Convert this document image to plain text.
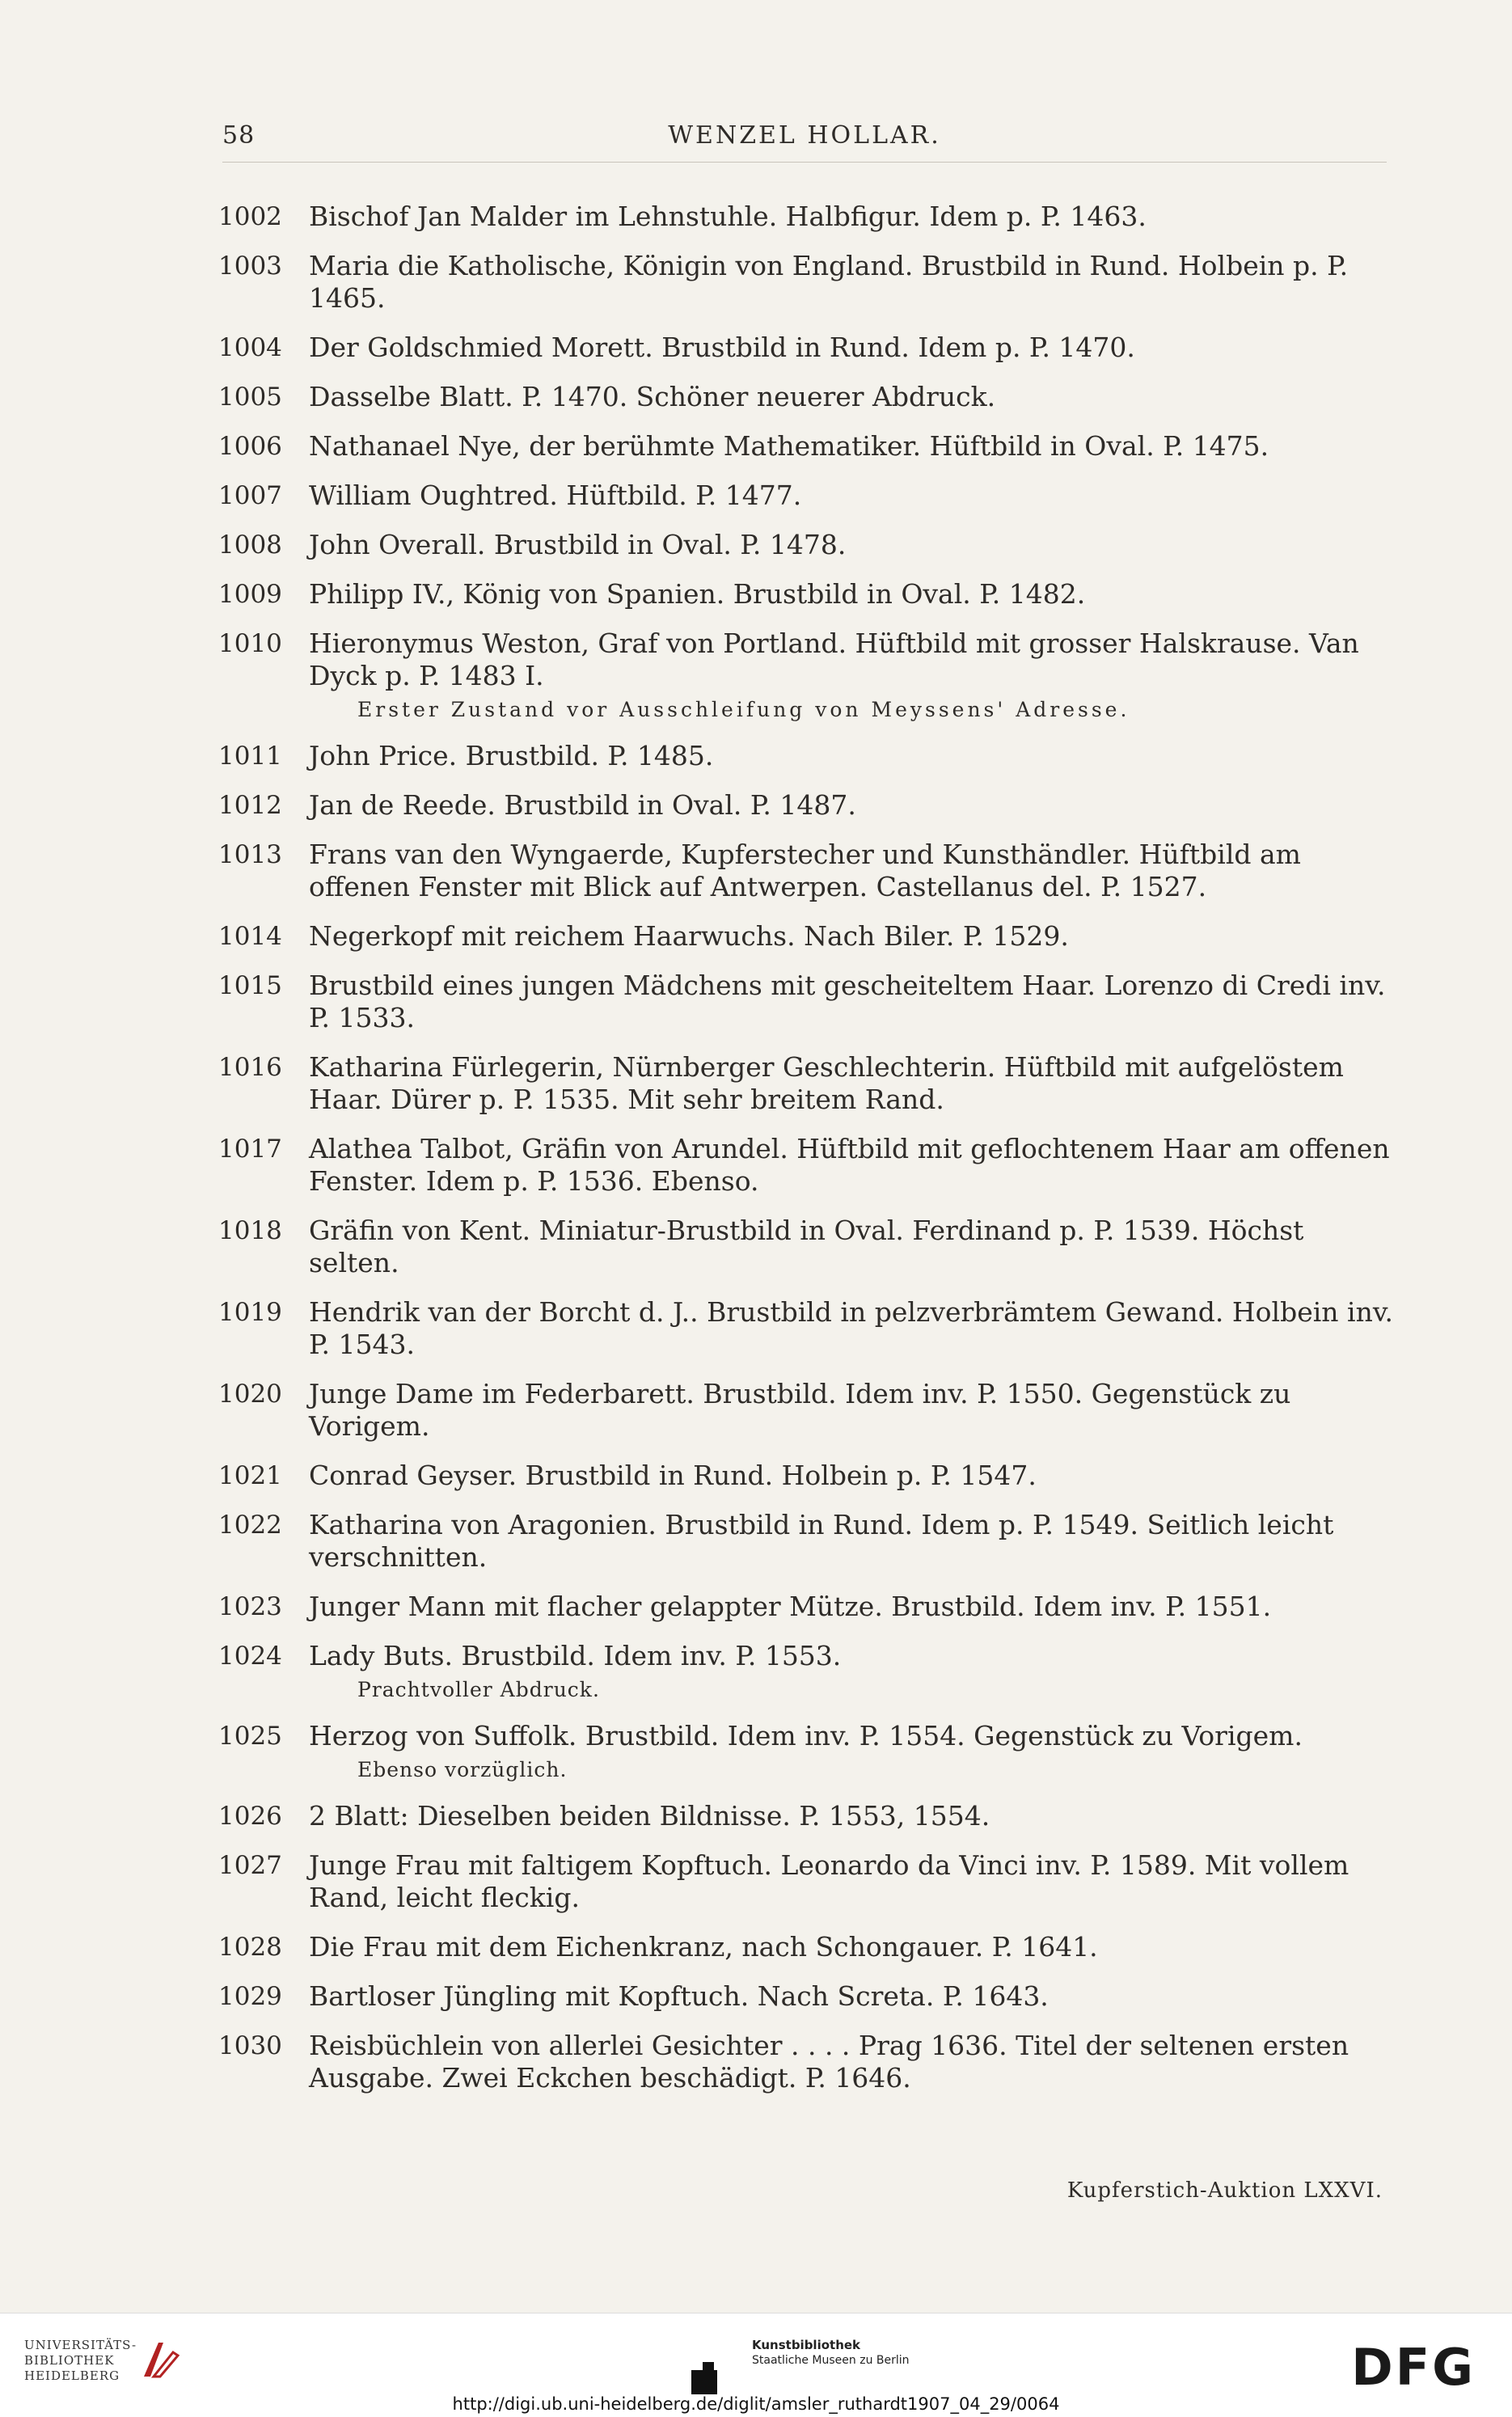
58	WENZEL HOLLAR.
1002 Bischof Jan Malder im Lehnstuhle. Halbfigur. Idem p. P. 1463.
1003 Maria die Katholische, Königin von England. Brustbild in Rund. Holbein p. P. 1465.
1004 Der Goldschmied Morett. Brustbild in Rund. Idem p. P. 1470.
1005 Dasselbe Blatt. P. 1470. Schöner neuerer Abdruck.
1006 Nathanael Nye, der berühmte Mathematiker. Hüftbild in Oval. P. 1475.
1007 William Oughtred. Hüftbild. P. 1477.
1008 John Overall. Brustbild in Oval. P. 1478.
1009 Philipp IV., König von Spanien. Brustbild in Oval. P. 1482.
1010 Hieronymus Weston, Graf von Portland. Hüftbild mit grosser Halskrause. Van Dyck p. P. 1483 I.
Erster Zustand vor Ausschleifung von Meyssens' Adresse.
1011 John Price. Brustbild. P. 1485.
1012 Jan de Reede. Brustbild in Oval. P. 1487.
1013 Frans van den Wyngaerde, Kupferstecher und Kunsthändler. Hüftbild am offenen Fenster mit Blick auf Antwerpen. Castellanus del. P. 1527.
1014 Negerkopf mit reichem Haarwuchs. Nach Biler. P. 1529.
1015 Brustbild eines jungen Mädchens mit gescheiteltem Haar. Lorenzo di Credi inv. P. 1533.
1016 Katharina Fürlegerin, Nürnberger Geschlechterin. Hüftbild mit aufgelöstem Haar. Dürer p. P. 1535. Mit sehr breitem Rand.
1017 Alathea Talbot, Gräfin von Arundel. Hüftbild mit geflochtenem Haar am offenen Fenster. Idem p. P. 1536. Ebenso.
1018 Gräfin von Kent. Miniatur-Brustbild in Oval. Ferdinand p. P. 1539. Höchst selten.
1019 Hendrik van der Borcht d. J.. Brustbild in pelzverbrämtem Gewand. Holbein inv. P. 1543.
1020 Junge Dame im Federbarett. Brustbild. Idem inv. P. 1550. Gegenstück zu Vorigem.
1021 Conrad Geyser. Brustbild in Rund. Holbein p. P. 1547.
1022 Katharina von Aragonien. Brustbild in Rund. Idem p. P. 1549. Seitlich leicht verschnitten.
1023 Junger Mann mit flacher gelappter Mütze. Brustbild. Idem inv. P. 1551.
1024 Lady Buts. Brustbild. Idem inv. P. 1553.
Prachtvoller Abdruck.
1025 Herzog von Suffolk. Brustbild. Idem inv. P. 1554. Gegenstück zu Vorigem.
Ebenso vorzüglich.
1026 2 Blatt: Dieselben beiden Bildnisse. P. 1553, 1554.
1027 Junge Frau mit faltigem Kopftuch. Leonardo da Vinci inv. P. 1589. Mit vollem Rand, leicht fleckig.
1028 Die Frau mit dem Eichenkranz, nach Schongauer. P. 1641.
1029 Bartloser Jüngling mit Kopftuch. Nach Screta. P. 1643.
1030 Reisbüchlein von allerlei Gesichter . . . . Prag 1636. Titel der seltenen ersten Ausgabe. Zwei Eckchen beschädigt. P. 1646.
Kupferstich-Auktion LXXVI.
UNIVERSITÄTS-
BIBLIOTHEK
HEIDELBERG
Kunstbibliothek
Staatliche Museen zu Berlin	DFG
http://digi.ub.uni-heidelberg.de/diglit/amsler_ruthardt1907_04_29/0064
